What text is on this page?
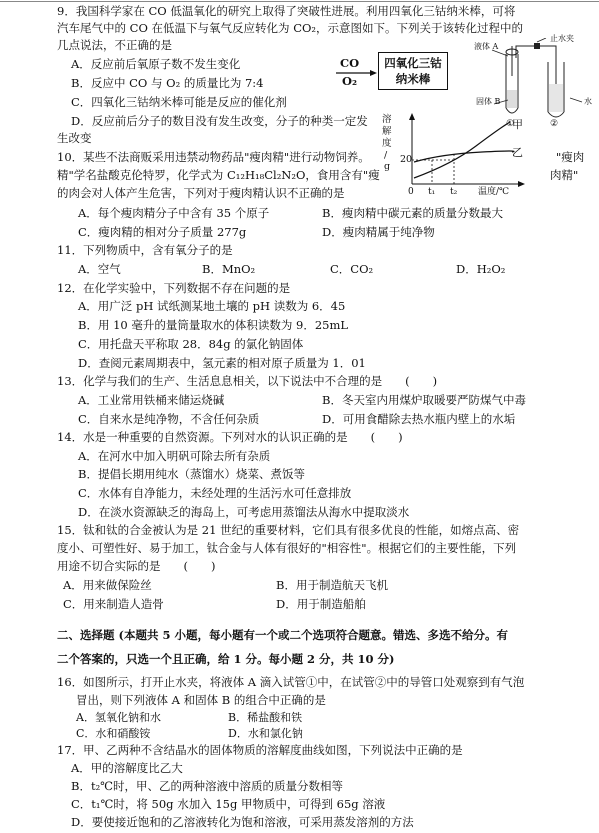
9．我国科学家在 CO 低温氧化的研究上取得了突破性进展。利用四氧化三钴纳米棒，可将
汽车尾气中的 CO 在低温下与氧气反应转化为 CO₂，示意图如下。下列关于该转化过程中的
几点说法，不正确的是
A．反应前后氧原子数不发生变化
B．反应中 CO 与 O₂ 的质量比为 7:4
C．四氧化三钴纳米棒可能是反应的催化剂
D．反应前后分子的数目没有发生改变，分子的种类一定发
生改变
CO
O₂
四氧化三钴
纳米棒
止水夹
液体 A
固体 B	水
①	②
溶
解
度
/
g
20
甲
乙
0 t₁ t₂ 温度/℃
10．某些不法商贩采用违禁动物药品"瘦肉精"进行动物饲养。	"瘦肉
精"学名盐酸克伦特罗，化学式为 C₁₂H₁₈Cl₂N₂O，食用含有"瘦	肉精"
的肉会对人体产生危害，下列对于瘦肉精认识不正确的是
A．每个瘦肉精分子中含有 35 个原子	B．瘦肉精中碳元素的质量分数最大
C．瘦肉精的相对分子质量 277g	D．瘦肉精属于纯净物
11．下列物质中，含有氧分子的是
A．空气	B．MnO₂	C．CO₂	D．H₂O₂
12．在化学实验中，下列数据不存在问题的是
A．用广泛 pH 试纸测某地土壤的 pH 读数为 6．45
B．用 10 毫升的量筒量取水的体积读数为 9．25mL
C．用托盘天平称取 28．84g 的氯化钠固体
D．查阅元素周期表中，氢元素的相对原子质量为 1．01
13．化学与我们的生产、生活息息相关，以下说法中不合理的是　　(　　)
A．工业常用铁桶来储运烧碱	B．冬天室内用煤炉取暖要严防煤气中毒
C．自来水是纯净物，不含任何杂质	D．可用食醋除去热水瓶内壁上的水垢
14．水是一种重要的自然资源。下列对水的认识正确的是　　(　　)
A．在河水中加入明矾可除去所有杂质
B．提倡长期用纯水（蒸馏水）烧菜、煮饭等
C．水体有自净能力，未经处理的生活污水可任意排放
D．在淡水资源缺乏的海岛上，可考虑用蒸馏法从海水中提取淡水
15．钛和钛的合金被认为是 21 世纪的重要材料，它们具有很多优良的性能，如熔点高、密
度小、可塑性好、易于加工，钛合金与人体有很好的"相容性"。根据它们的主要性能，下列
用途不切合实际的是　　(　　)
A．用来做保险丝	B．用于制造航天飞机
C．用来制造人造骨	D．用于制造船舶
二、选择题 (本题共 5 小题，每小题有一个或二个选项符合题意。错选、多选不给分。有
二个答案的，只选一个且正确，给 1 分。每小题 2 分，共 10 分)
16．如图所示，打开止水夹，将液体 A 滴入试管①中，在试管②中的导管口处观察到有气泡
冒出，则下列液体 A 和固体 B 的组合中正确的是
A．氢氧化钠和水	B．稀盐酸和铁
C．水和硝酸铵	D．水和氯化钠
17．甲、乙两种不含结晶水的固体物质的溶解度曲线如图，下列说法中正确的是
A．甲的溶解度比乙大
B．t₂℃时，甲、乙的两种溶液中溶质的质量分数相等
C．t₁℃时，将 50g 水加入 15g 甲物质中，可得到 65g 溶液
D．要使接近饱和的乙溶液转化为饱和溶液，可采用蒸发溶剂的方法
